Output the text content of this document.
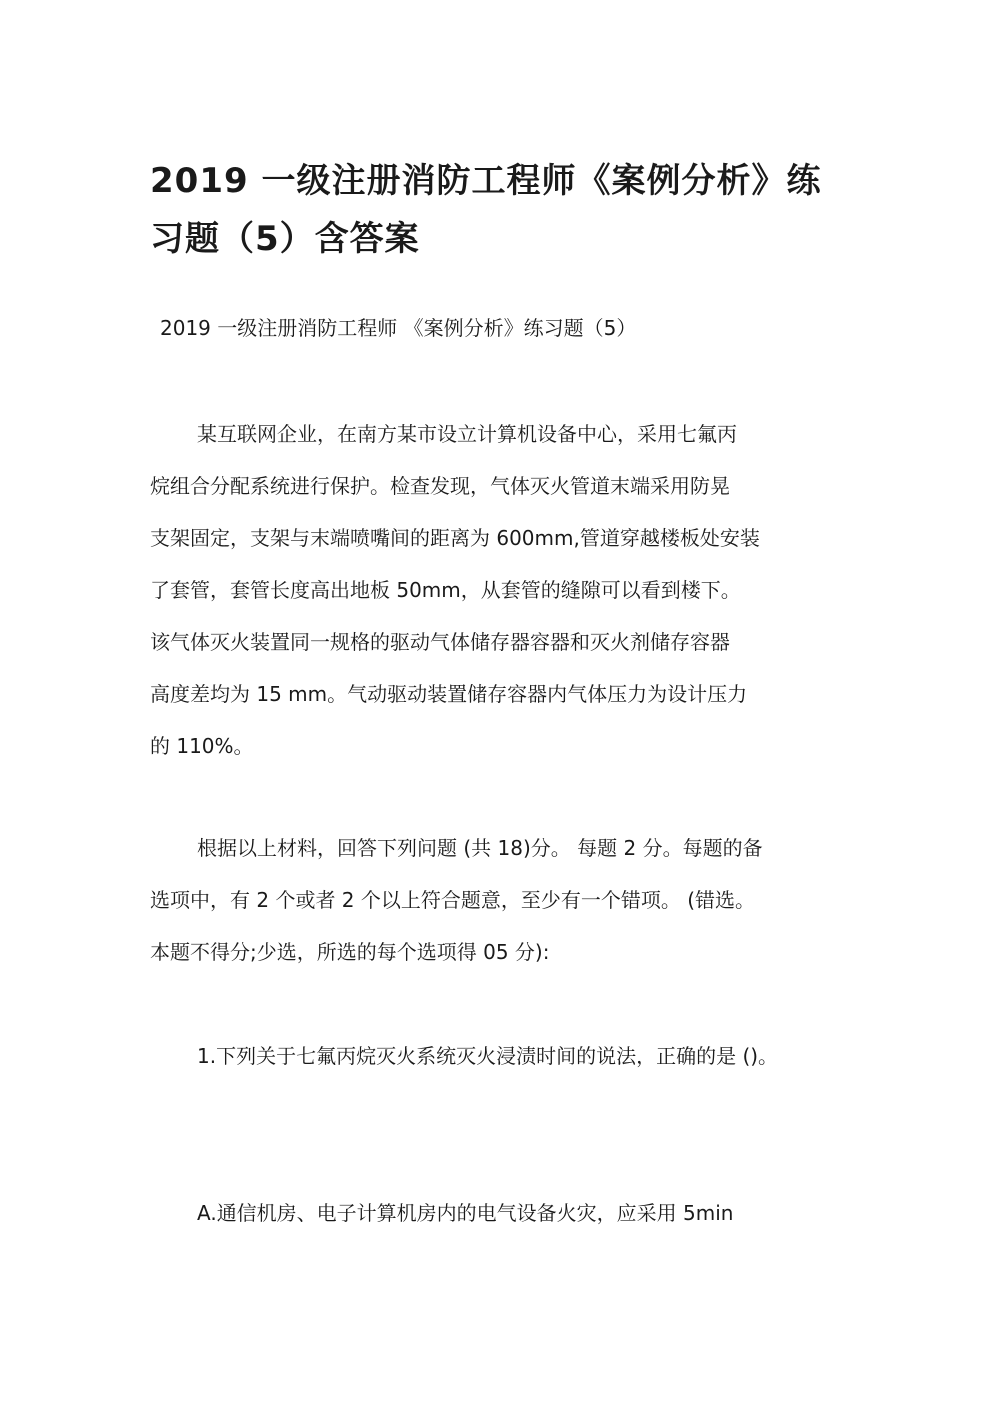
2019 一级注册消防工程师《案例分析》练
习题（5）含答案

2019 一级注册消防工程师 《案例分析》练习题（5）

某互联网企业，在南方某市设立计算机设备中心，采用七氟丙
烷组合分配系统进行保护。检查发现，气体灭火管道末端采用防晃
支架固定，支架与末端喷嘴间的距离为 600mm,管道穿越楼板处安装
了套管，套管长度高出地板 50mm，从套管的缝隙可以看到楼下。
该气体灭火装置同一规格的驱动气体储存器容器和灭火剂储存容器
高度差均为 15 mm。气动驱动装置储存容器内气体压力为设计压力
的 110%。
根据以上材料，回答下列问题 (共 18)分。 每题 2 分。每题的备
选项中，有 2 个或者 2 个以上符合题意，至少有一个错项。 (错选。
本题不得分;少选，所选的每个选项得 05 分):

1.下列关于七氟丙烷灭火系统灭火浸渍时间的说法，正确的是 ()。

A.通信机房、电子计算机房内的电气设备火灾，应采用 5min
